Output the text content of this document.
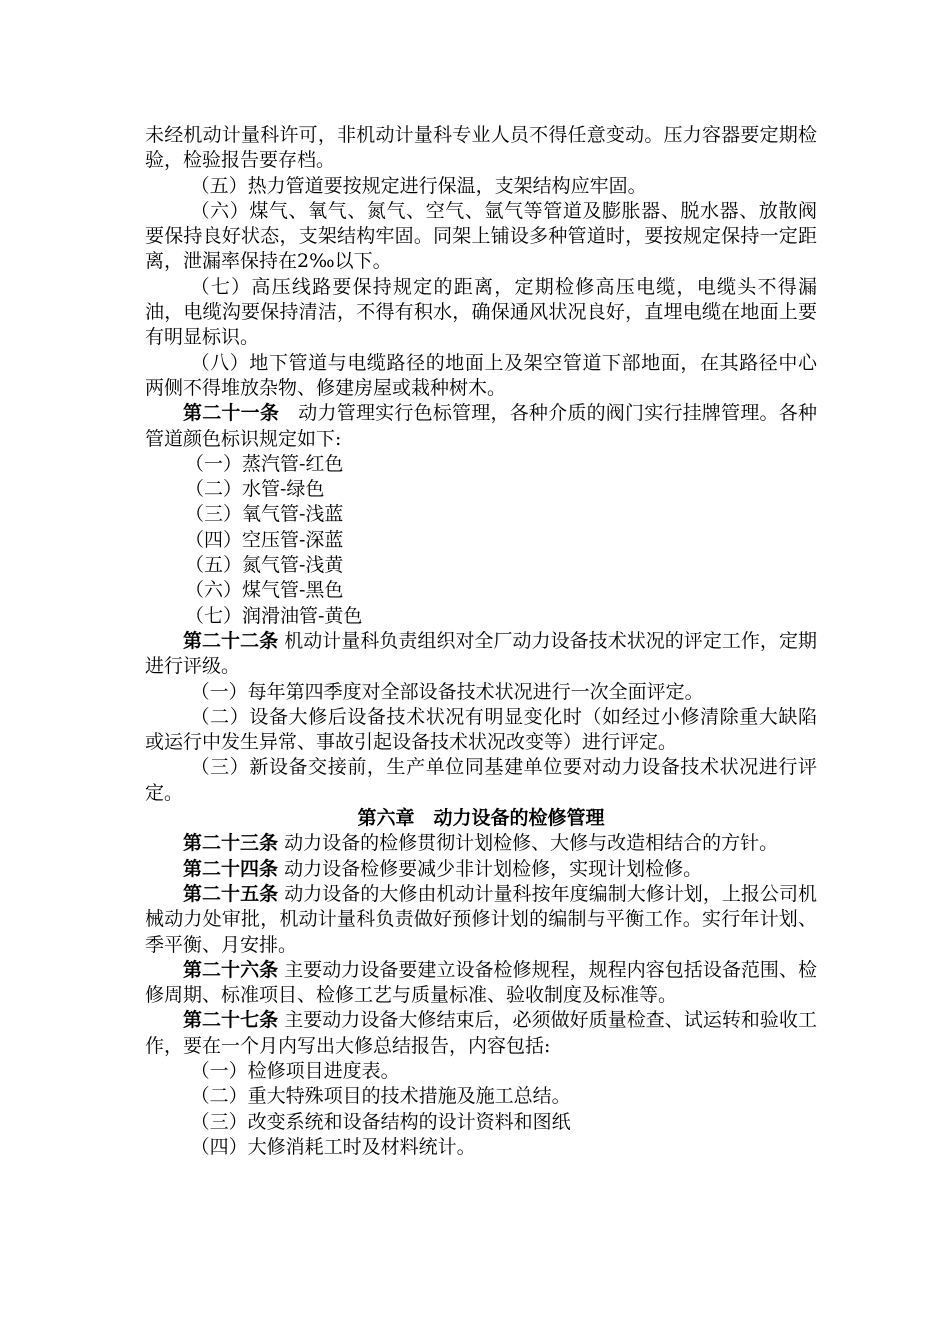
未经机动计量科许可，非机动计量科专业人员不得任意变动。压力容器要定期检验，检验报告要存档。

（五）热力管道要按规定进行保温，支架结构应牢固。

（六）煤气、氧气、氮气、空气、氩气等管道及膨胀器、脱水器、放散阀要保持良好状态，支架结构牢固。同架上铺设多种管道时，要按规定保持一定距离，泄漏率保持在2‰以下。

（七）高压线路要保持规定的距离，定期检修高压电缆，电缆头不得漏油，电缆沟要保持清洁，不得有积水，确保通风状况良好，直埋电缆在地面上要有明显标识。

（八）地下管道与电缆路径的地面上及架空管道下部地面，在其路径中心两侧不得堆放杂物、修建房屋或栽种树木。

第二十一条 动力管理实行色标管理，各种介质的阀门实行挂牌管理。各种管道颜色标识规定如下:

（一）蒸汽管-红色

（二）水管-绿色

（三）氧气管-浅蓝

（四）空压管-深蓝

（五）氮气管-浅黄

（六）煤气管-黑色

（七）润滑油管-黄色

第二十二条 机动计量科负责组织对全厂动力设备技术状况的评定工作，定期进行评级。

（一）每年第四季度对全部设备技术状况进行一次全面评定。

（二）设备大修后设备技术状况有明显变化时（如经过小修清除重大缺陷或运行中发生异常、事故引起设备技术状况改变等）进行评定。

（三）新设备交接前，生产单位同基建单位要对动力设备技术状况进行评定。

第六章　动力设备的检修管理

第二十三条 动力设备的检修贯彻计划检修、大修与改造相结合的方针。

第二十四条 动力设备检修要减少非计划检修，实现计划检修。

第二十五条 动力设备的大修由机动计量科按年度编制大修计划，上报公司机械动力处审批，机动计量科负责做好预修计划的编制与平衡工作。实行年计划、季平衡、月安排。

第二十六条 主要动力设备要建立设备检修规程，规程内容包括设备范围、检修周期、标准项目、检修工艺与质量标准、验收制度及标准等。

第二十七条 主要动力设备大修结束后，必须做好质量检查、试运转和验收工作，要在一个月内写出大修总结报告，内容包括:

（一）检修项目进度表。

（二）重大特殊项目的技术措施及施工总结。

（三）改变系统和设备结构的设计资料和图纸

（四）大修消耗工时及材料统计。
